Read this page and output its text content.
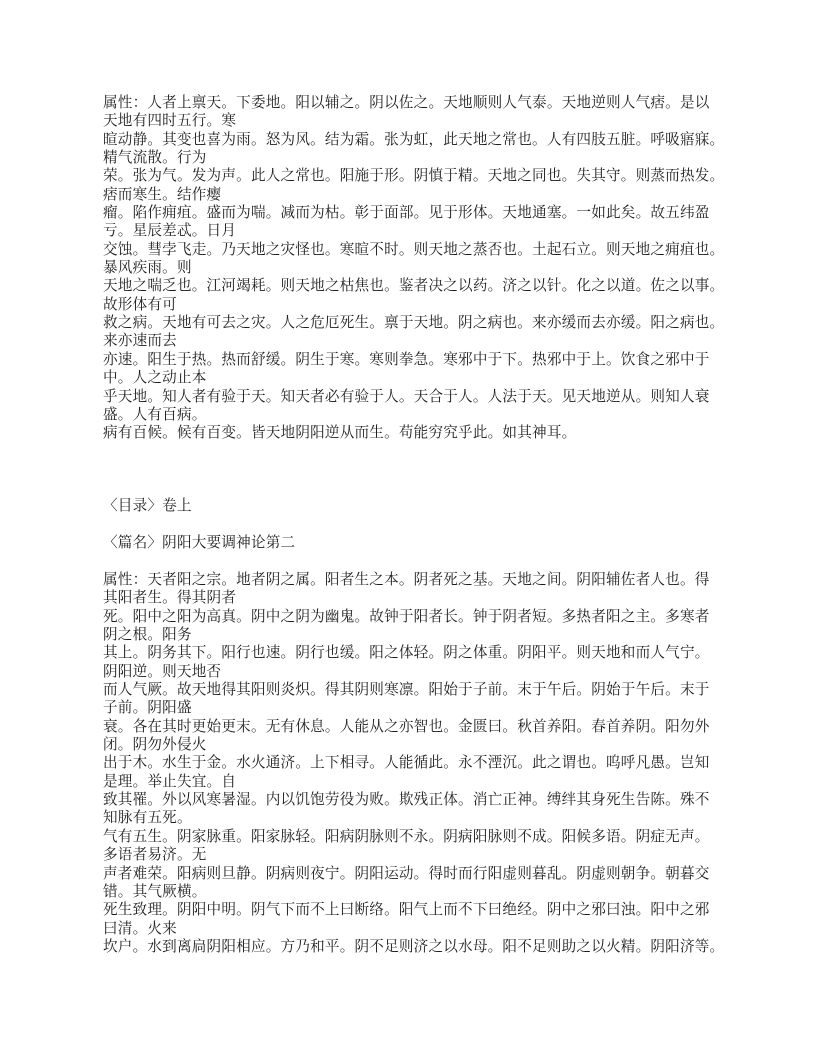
属性：人者上禀天。下委地。阳以辅之。阴以佐之。天地顺则人气泰。天地逆则人气痞。是以
天地有四时五行。寒
暄动静。其变也喜为雨。怒为风。结为霜。张为虹，此天地之常也。人有四肢五脏。呼吸寤寐。
精气流散。行为
荣。张为气。发为声。此人之常也。阳施于形。阴慎于精。天地之同也。失其守。则蒸而热发。
痞而寒生。结作瘿
瘤。陷作痈疽。盛而为喘。减而为枯。彰于面部。见于形体。天地通塞。一如此矣。故五纬盈
亏。星辰差忒。日月
交蚀。彗孛飞走。乃天地之灾怪也。寒暄不时。则天地之蒸否也。土起石立。则天地之痈疽也。
暴风疾雨。则
天地之喘乏也。江河竭耗。则天地之枯焦也。鉴者决之以药。济之以针。化之以道。佐之以事。
故形体有可
救之病。天地有可去之灾。人之危厄死生。禀于天地。阴之病也。来亦缓而去亦缓。阳之病也。
来亦速而去
亦速。阳生于热。热而舒缓。阴生于寒。寒则拳急。寒邪中于下。热邪中于上。饮食之邪中于
中。人之动止本
乎天地。知人者有验于天。知天者必有验于人。天合于人。人法于天。见天地逆从。则知人衰
盛。人有百病。
病有百候。候有百变。皆天地阴阳逆从而生。苟能穷究乎此。如其神耳。
〈目录〉卷上
〈篇名〉阴阳大要调神论第二
属性：天者阳之宗。地者阴之属。阳者生之本。阴者死之基。天地之间。阴阳辅佐者人也。得
其阳者生。得其阴者
死。阳中之阳为高真。阴中之阴为幽鬼。故钟于阳者长。钟于阴者短。多热者阳之主。多寒者
阴之根。阳务
其上。阴务其下。阳行也速。阴行也缓。阳之体轻。阴之体重。阴阳平。则天地和而人气宁。
阴阳逆。则天地否
而人气厥。故天地得其阳则炎炽。得其阴则寒凛。阳始于子前。末于午后。阴始于午后。末于
子前。阴阳盛
衰。各在其时更始更末。无有休息。人能从之亦智也。金匮曰。秋首养阳。春首养阴。阳勿外
闭。阴勿外侵火
出于木。水生于金。水火通济。上下相寻。人能循此。永不湮沉。此之谓也。呜呼凡愚。岂知
是理。举止失宜。自
致其罹。外以风寒暑湿。内以饥饱劳役为败。欺残正体。消亡正神。缚绊其身死生告陈。殊不
知脉有五死。
气有五生。阴家脉重。阳家脉轻。阳病阴脉则不永。阴病阳脉则不成。阳候多语。阴症无声。
多语者易济。无
声者难荣。阳病则旦静。阴病则夜宁。阴阳运动。得时而行阳虚则暮乱。阴虚则朝争。朝暮交
错。其气厥横。
死生致理。阴阳中明。阴气下而不上曰断络。阳气上而不下曰绝经。阴中之邪曰浊。阳中之邪
曰清。火来
坎户。水到离扃阴阳相应。方乃和平。阴不足则济之以水母。阳不足则助之以火精。阴阳济等。
